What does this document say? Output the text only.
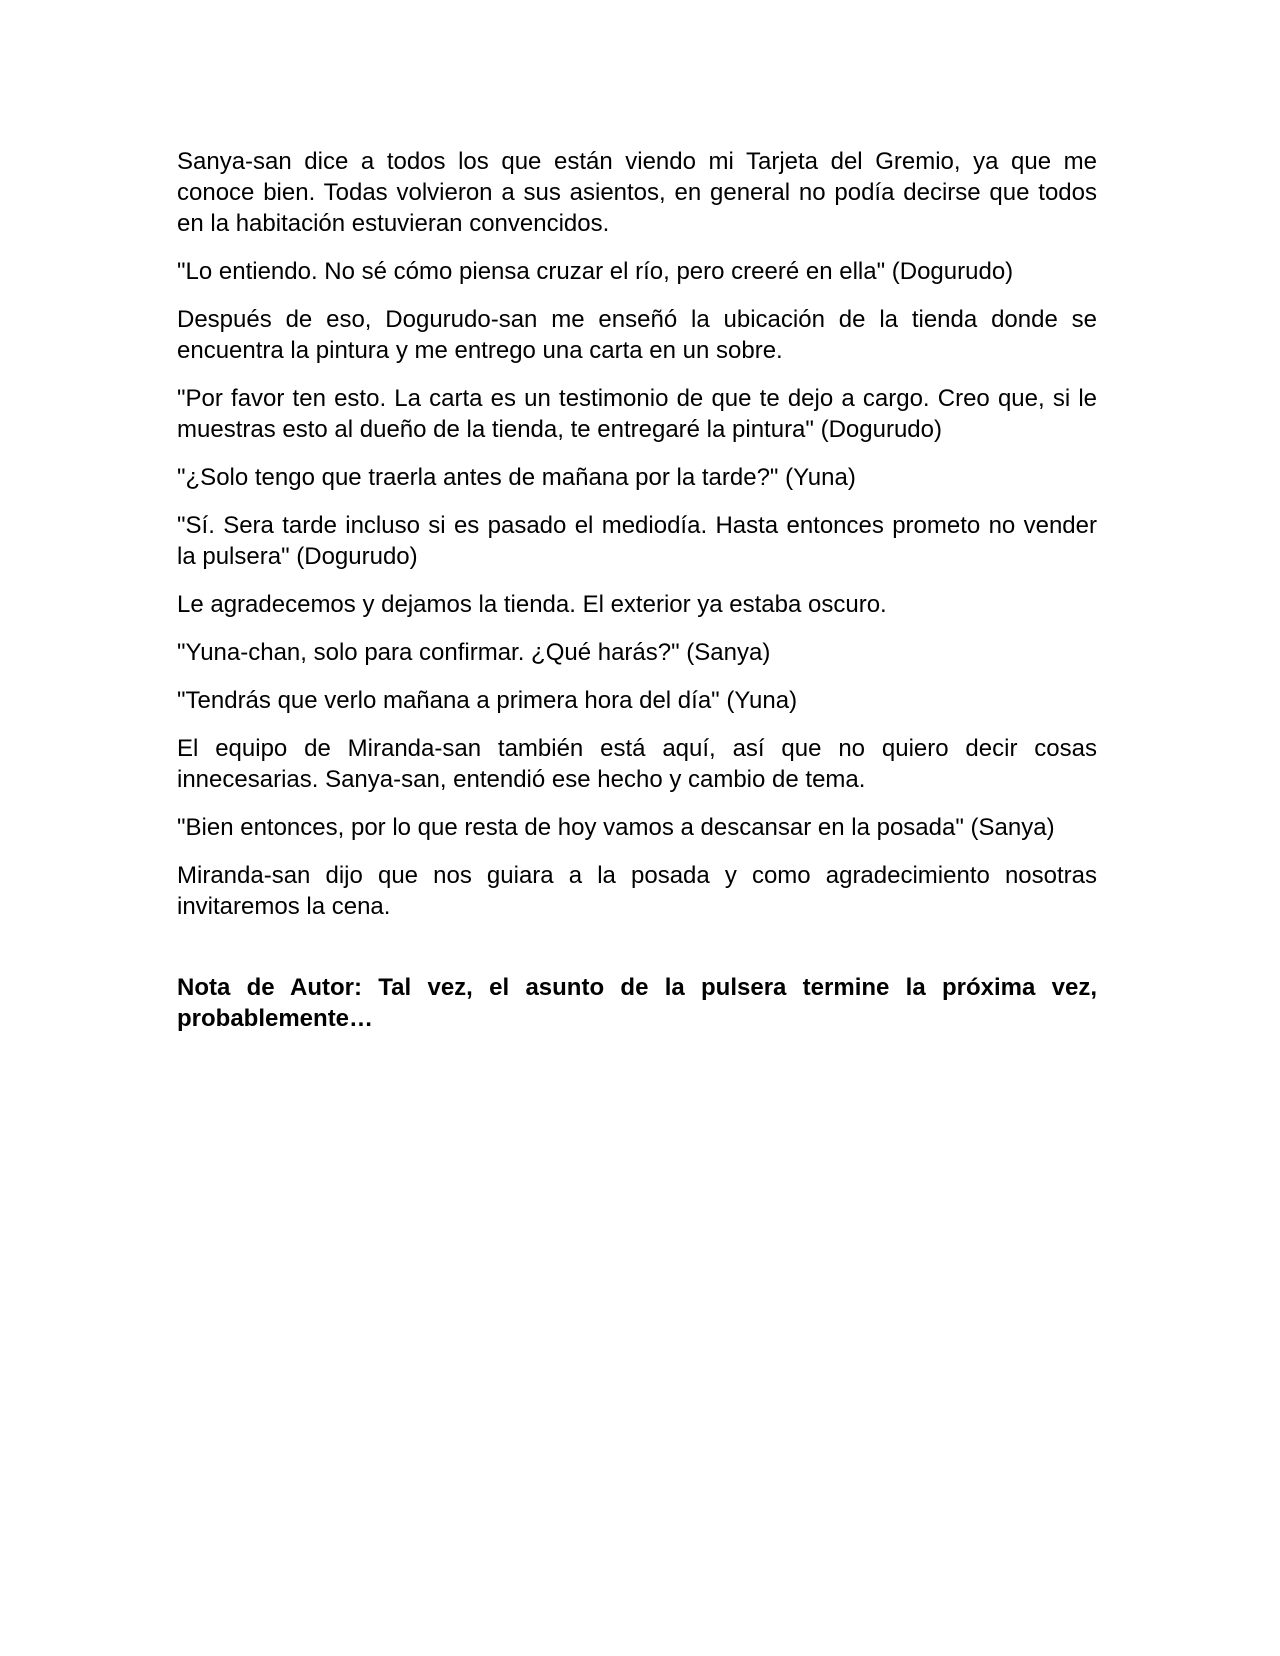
Sanya-san dice a todos los que están viendo mi Tarjeta del Gremio, ya que me conoce bien. Todas volvieron a sus asientos, en general no podía decirse que todos en la habitación estuvieran convencidos.

"Lo entiendo. No sé cómo piensa cruzar el río, pero creeré en ella" (Dogurudo)

Después de eso, Dogurudo-san me enseñó la ubicación de la tienda donde se encuentra la pintura y me entrego una carta en un sobre.

"Por favor ten esto. La carta es un testimonio de que te dejo a cargo. Creo que, si le muestras esto al dueño de la tienda, te entregaré la pintura" (Dogurudo)

"¿Solo tengo que traerla antes de mañana por la tarde?" (Yuna)

"Sí. Sera tarde incluso si es pasado el mediodía. Hasta entonces prometo no vender la pulsera" (Dogurudo)

Le agradecemos y dejamos la tienda. El exterior ya estaba oscuro.

"Yuna-chan, solo para confirmar. ¿Qué harás?" (Sanya)

"Tendrás que verlo mañana a primera hora del día" (Yuna)

El equipo de Miranda-san también está aquí, así que no quiero decir cosas innecesarias. Sanya-san, entendió ese hecho y cambio de tema.

"Bien entonces, por lo que resta de hoy vamos a descansar en la posada" (Sanya)

Miranda-san dijo que nos guiara a la posada y como agradecimiento nosotras invitaremos la cena.

Nota de Autor: Tal vez, el asunto de la pulsera termine la próxima vez, probablemente…
